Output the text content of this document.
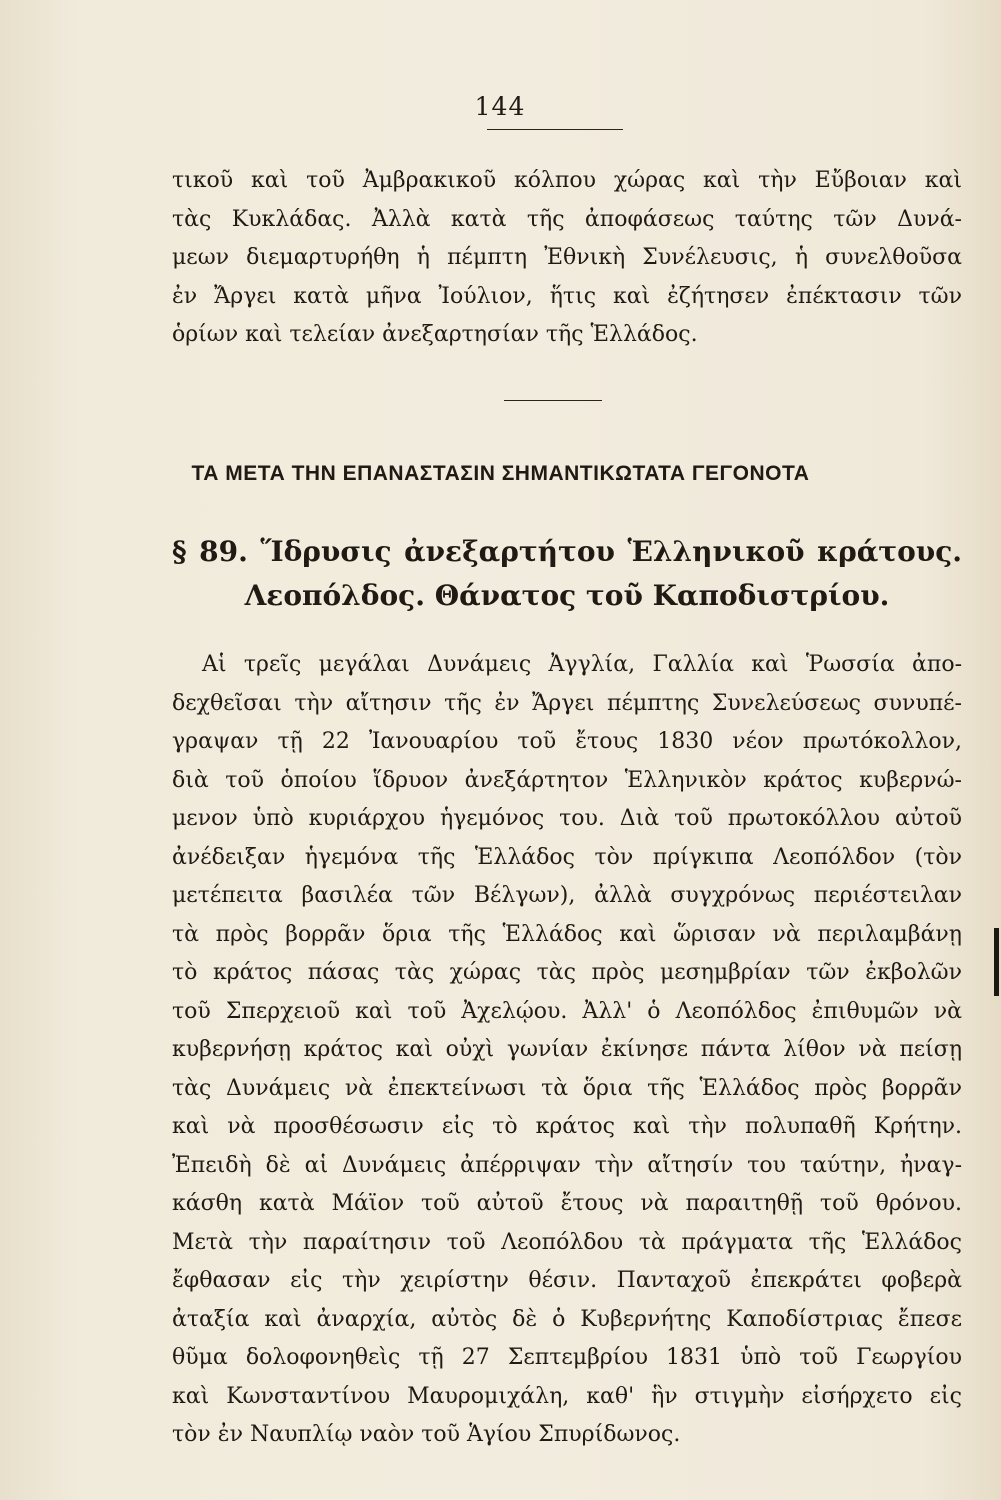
144
τικοῦ καὶ τοῦ Ἀμβρακικοῦ κόλπου χώρας καὶ τὴν Εὔβοιαν καὶ
τὰς Κυκλάδας. Ἀλλὰ κατὰ τῆς ἀποφάσεως ταύτης τῶν Δυνά-
μεων διεμαρτυρήθη ἡ πέμπτη Ἐθνικὴ Συνέλευσις, ἡ συνελθοῦσα
ἐν Ἄργει κατὰ μῆνα Ἰούλιον, ἥτις καὶ ἐζήτησεν ἐπέκτασιν τῶν
ὁρίων καὶ τελείαν ἀνεξαρτησίαν τῆς Ἑλλάδος.
ΤΑ ΜΕΤΑ ΤΗΝ ΕΠΑΝΑΣΤΑΣΙΝ ΣΗΜΑΝΤΙΚΩΤΑΤΑ ΓΕΓΟΝΟΤΑ
§ 89. Ἵδρυσις ἀνεξαρτήτου Ἑλληνικοῦ κράτους.
Λεοπόλδος. Θάνατος τοῦ Καποδιστρίου.
Αἱ τρεῖς μεγάλαι Δυνάμεις Ἀγγλία, Γαλλία καὶ Ῥωσσία ἀπο-
δεχθεῖσαι τὴν αἴτησιν τῆς ἐν Ἄργει πέμπτης Συνελεύσεως συνυπέ-
γραψαν τῇ 22 Ἰανουαρίου τοῦ ἔτους 1830 νέον πρωτόκολλον,
διὰ τοῦ ὁποίου ἵδρυον ἀνεξάρτητον Ἑλληνικὸν κράτος κυβερνώ-
μενον ὑπὸ κυριάρχου ἡγεμόνος του. Διὰ τοῦ πρωτοκόλλου αὐτοῦ
ἀνέδειξαν ἡγεμόνα τῆς Ἑλλάδος τὸν πρίγκιπα Λεοπόλδον (τὸν
μετέπειτα βασιλέα τῶν Βέλγων), ἀλλὰ συγχρόνως περιέστειλαν
τὰ πρὸς βορρᾶν ὅρια τῆς Ἑλλάδος καὶ ὥρισαν νὰ περιλαμβάνῃ
τὸ κράτος πάσας τὰς χώρας τὰς πρὸς μεσημβρίαν τῶν ἐκβολῶν
τοῦ Σπερχειοῦ καὶ τοῦ Ἀχελῴου. Ἀλλ' ὁ Λεοπόλδος ἐπιθυμῶν νὰ
κυβερνήσῃ κράτος καὶ οὐχὶ γωνίαν ἐκίνησε πάντα λίθον νὰ πείσῃ
τὰς Δυνάμεις νὰ ἐπεκτείνωσι τὰ ὅρια τῆς Ἑλλάδος πρὸς βορρᾶν
καὶ νὰ προσθέσωσιν εἰς τὸ κράτος καὶ τὴν πολυπαθῆ Κρήτην.
Ἐπειδὴ δὲ αἱ Δυνάμεις ἀπέρριψαν τὴν αἴτησίν του ταύτην, ἠναγ-
κάσθη κατὰ Μάϊον τοῦ αὐτοῦ ἔτους νὰ παραιτηθῇ τοῦ θρόνου.
Μετὰ τὴν παραίτησιν τοῦ Λεοπόλδου τὰ πράγματα τῆς Ἑλλάδος
ἔφθασαν εἰς τὴν χειρίστην θέσιν. Πανταχοῦ ἐπεκράτει φοβερὰ
ἀταξία καὶ ἀναρχία, αὐτὸς δὲ ὁ Κυβερνήτης Καποδίστριας ἔπεσε
θῦμα δολοφονηθεὶς τῇ 27 Σεπτεμβρίου 1831 ὑπὸ τοῦ Γεωργίου
καὶ Κωνσταντίνου Μαυρομιχάλη, καθ' ἣν στιγμὴν εἰσήρχετο εἰς
τὸν ἐν Ναυπλίῳ ναὸν τοῦ Ἁγίου Σπυρίδωνος.
